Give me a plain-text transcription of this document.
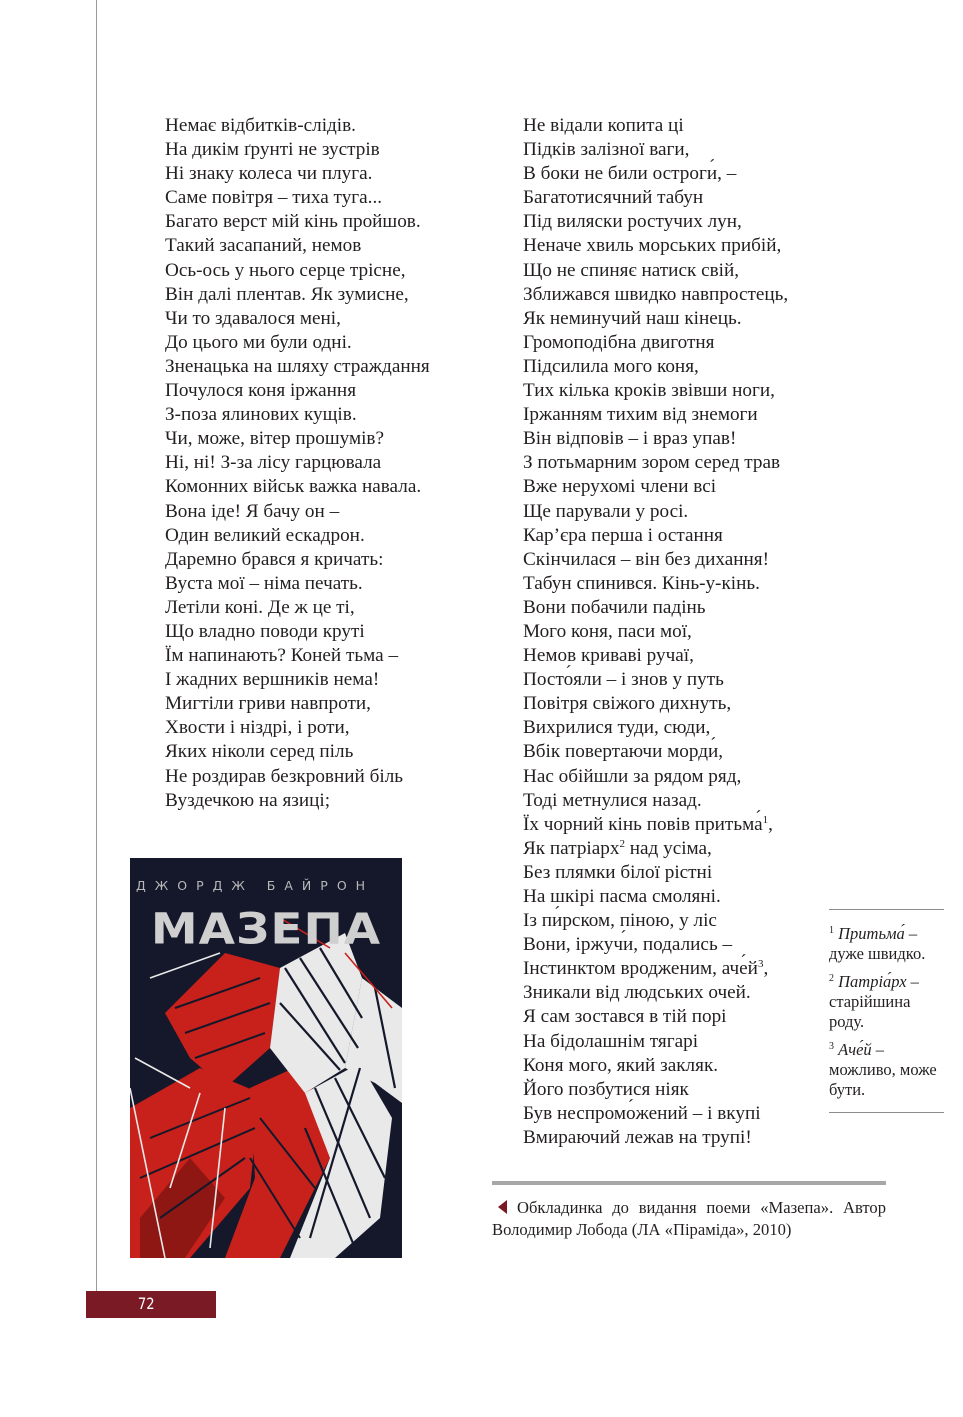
Немає відбитків-слідів.
На дикім ґрунті не зустрів
Ні знаку колеса чи плуга.
Саме повітря – тиха туга...
Багато верст мій кінь пройшов.
Такий засапаний, немов
Ось-ось у нього серце трісне,
Він далі плентав. Як зумисне,
Чи то здавалося мені,
До цього ми були одні.
Зненацька на шляху страждання
Почулося коня іржання
З-поза ялинових кущів.
Чи, може, вітер прошумів?
Ні, ні! З-за лісу гарцювала
Комонних військ важка навала.
Вона іде! Я бачу он –
Один великий ескадрон.
Даремно брався я кричать:
Вуста мої – німа печать.
Летіли коні. Де ж це ті,
Що владно поводи круті
Їм напинають? Коней тьма –
І жадних вершників нема!
Мигтіли гриви навпроти,
Хвости і ніздрі, і роти,
Яких ніколи серед піль
Не роздирав безкровний біль
Вуздечкою на язиці;
Не відали копита ці
Підків залізної ваги,
В боки не били остроги ´, –
Багатотисячний табун
Під виляски ростучих лун,
Неначе хвиль морських прибій,
Що не спиняє натиск свій,
Зближався швидко навпростець,
Як неминучий наш кінець.
Громоподібна двиготня
Підсилила мого коня,
Тих кілька кроків звівши ноги,
Іржанням тихим від знемоги
Він відповів – і враз упав!
З потьмарним зором серед трав
Вже нерухомі члени всі
Ще парували у росі.
Кар’єра перша і остання
Скінчилася – він без дихання!
Табун спинився. Кінь-у-кінь.
Вони побачили падінь
Мого коня, паси мої,
Немов криваві ручаї,
Посто ´яли – і знов у путь
Повітря свіжого дихнуть,
Вихрилися туди, сюди,
Вбік повертаючи морди ´,
Нас обійшли за рядом ряд,
Тоді метнулися назад.
Їх чорний кінь повів притьма ´$^1$,
Як патріарх$^2$ над усіма,
Без плямки білої рістні
На шкірі пасма смоляні.
Із пи ´рском, піною, у ліс
Вони, іржучи ´, подались –
Інстинктом вродженим, аче $´й^3$,
Зникали від людських очей.
Я сам зостався в тій порі
На бідолашнім тягарі
Коня мого, який закляк.
Його позбутися ніяк
Був неспромо ´жений – і вкупі
Вмираючий лежав на трупі!
ДЖОРДЖ БАЙРОН
МАЗЕПА	$^1$ Притьма́ – дуже швидко.
$^2$ Патріа́рх – старійшина роду.
$^3$ Аче́й – можливо, може бути.
Обкладинка до видання поеми «Мазепа». Автор Володимир Лобода (ЛА «Піраміда», 2010)
72
